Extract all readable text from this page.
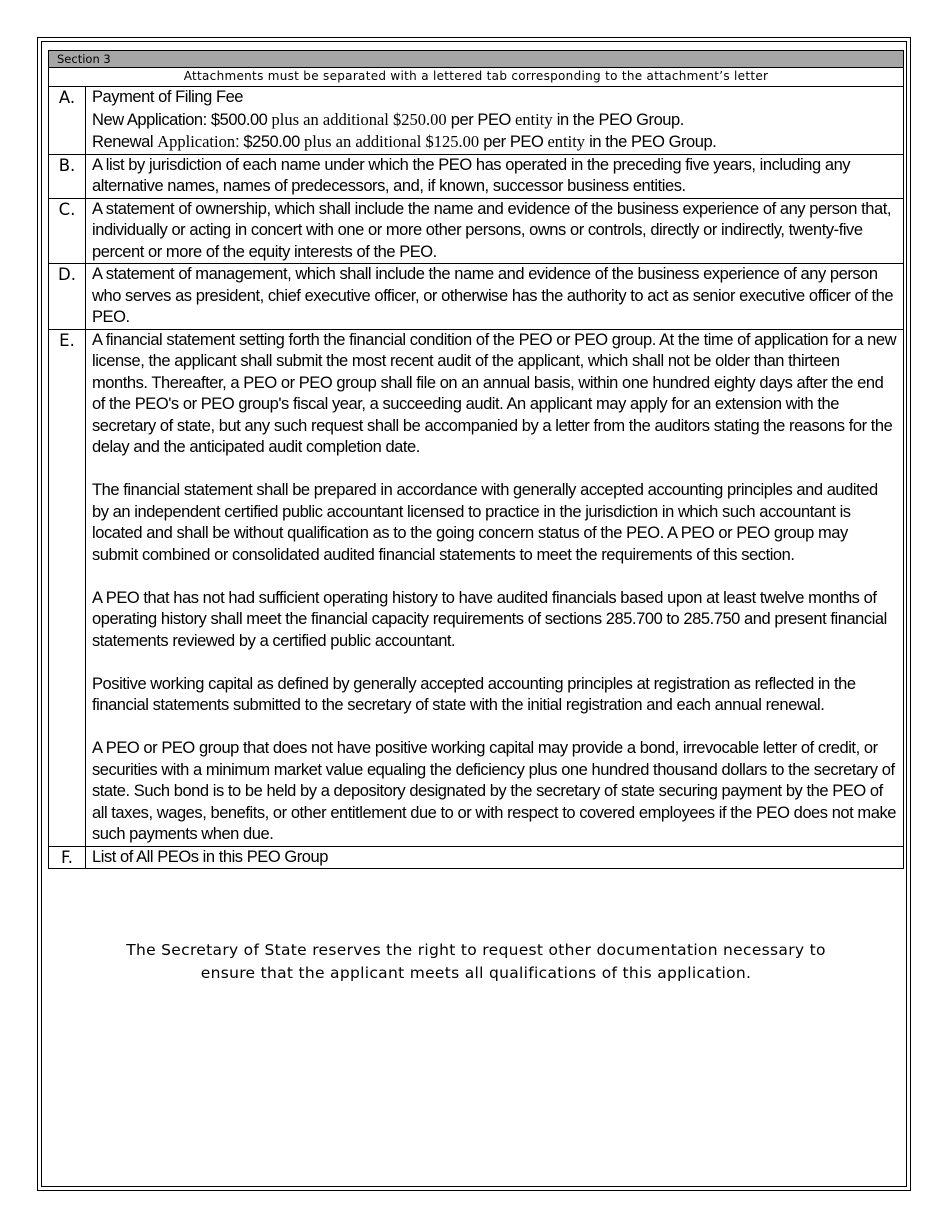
Section 3
Attachments must be separated with a lettered tab corresponding to the attachment’s letter
A.	Payment of Filing Fee
New Application: $500.00 plus an additional $250.00 per PEO entity in the PEO Group.
Renewal Application: $250.00 plus an additional $125.00 per PEO entity in the PEO Group.

B.	A list by jurisdiction of each name under which the PEO has operated in the preceding five years, including any alternative names, names of predecessors, and, if known, successor business entities.
C.	A statement of ownership, which shall include the name and evidence of the business experience of any person that, individually or acting in concert with one or more other persons, owns or controls, directly or indirectly, twenty-five percent or more of the equity interests of the PEO.
D.	A statement of management, which shall include the name and evidence of the business experience of any person who serves as president, chief executive officer, or otherwise has the authority to act as senior executive officer of the PEO.
E.	A financial statement setting forth the financial condition of the PEO or PEO group. At the time of application for a new license, the applicant shall submit the most recent audit of the applicant, which shall not be older than thirteen months. Thereafter, a PEO or PEO group shall file on an annual basis, within one hundred eighty days after the end of the PEO's or PEO group's fiscal year, a succeeding audit. An applicant may apply for an extension with the secretary of state, but any such request shall be accompanied by a letter from the auditors stating the reasons for the delay and the anticipated audit completion date.

The financial statement shall be prepared in accordance with generally accepted accounting principles and audited by an independent certified public accountant licensed to practice in the jurisdiction in which such accountant is located and shall be without qualification as to the going concern status of the PEO. A PEO or PEO group may submit combined or consolidated audited financial statements to meet the requirements of this section.

A PEO that has not had sufficient operating history to have audited financials based upon at least twelve months of operating history shall meet the financial capacity requirements of sections 285.700 to 285.750 and present financial statements reviewed by a certified public accountant.

Positive working capital as defined by generally accepted accounting principles at registration as reflected in the financial statements submitted to the secretary of state with the initial registration and each annual renewal.

A PEO or PEO group that does not have positive working capital may provide a bond, irrevocable letter of credit, or securities with a minimum market value equaling the deficiency plus one hundred thousand dollars to the secretary of state. Such bond is to be held by a depository designated by the secretary of state securing payment by the PEO of all taxes, wages, benefits, or other entitlement due to or with respect to covered employees if the PEO does not make such payments when due.

F.	List of All PEOs in this PEO Group
The Secretary of State reserves the right to request other documentation necessary to
ensure that the applicant meets all qualifications of this application.
